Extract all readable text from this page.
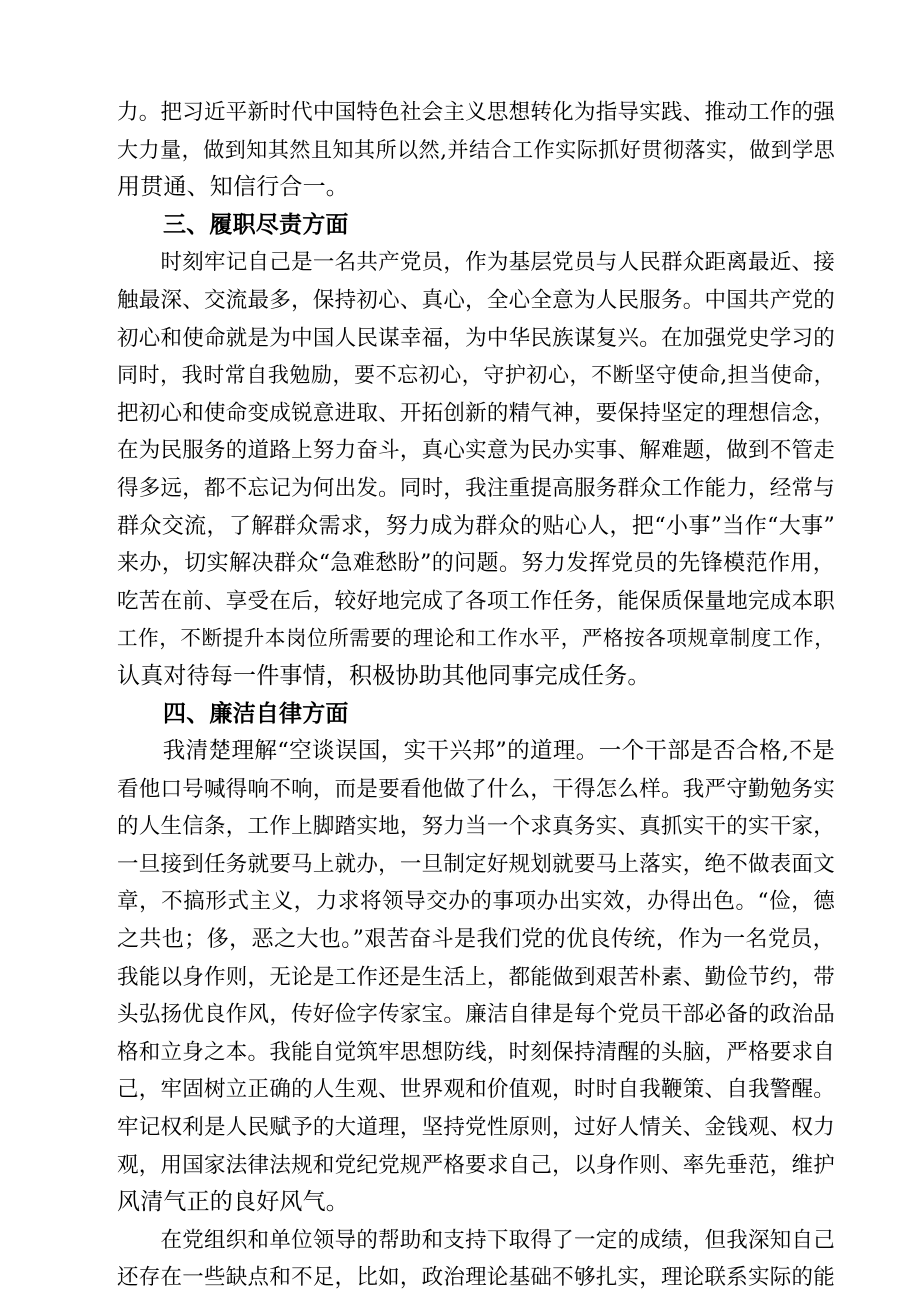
力。把习近平新时代中国特色社会主义思想转化为指导实践、推动工作的强
大力量，做到知其然且知其所以然,并结合工作实际抓好贯彻落实，做到学思
用贯通、知信行合一。
三、履职尽责方面
　　时刻牢记自己是一名共产党员，作为基层党员与人民群众距离最近、接
触最深、交流最多，保持初心、真心，全心全意为人民服务。中国共产党的
初心和使命就是为中国人民谋幸福，为中华民族谋复兴。在加强党史学习的
同时，我时常自我勉励，要不忘初心，守护初心，不断坚守使命,担当使命，
把初心和使命变成锐意进取、开拓创新的精气神，要保持坚定的理想信念，
在为民服务的道路上努力奋斗，真心实意为民办实事、解难题，做到不管走
得多远，都不忘记为何出发。同时，我注重提高服务群众工作能力，经常与
群众交流，了解群众需求，努力成为群众的贴心人，把“小事”当作“大事”
来办，切实解决群众“急难愁盼”的问题。努力发挥党员的先锋模范作用，
吃苦在前、享受在后，较好地完成了各项工作任务，能保质保量地完成本职
工作，不断提升本岗位所需要的理论和工作水平，严格按各项规章制度工作，
认真对待每一件事情，积极协助其他同事完成任务。
四、廉洁自律方面
　　我清楚理解“空谈误国，实干兴邦”的道理。一个干部是否合格,不是
看他口号喊得响不响，而是要看他做了什么，干得怎么样。我严守勤勉务实
的人生信条，工作上脚踏实地，努力当一个求真务实、真抓实干的实干家，
一旦接到任务就要马上就办，一旦制定好规划就要马上落实，绝不做表面文
章，不搞形式主义，力求将领导交办的事项办出实效，办得出色。“俭，德
之共也；侈，恶之大也。”艰苦奋斗是我们党的优良传统，作为一名党员，
我能以身作则，无论是工作还是生活上，都能做到艰苦朴素、勤俭节约，带
头弘扬优良作风，传好俭字传家宝。廉洁自律是每个党员干部必备的政治品
格和立身之本。我能自觉筑牢思想防线，时刻保持清醒的头脑，严格要求自
己，牢固树立正确的人生观、世界观和价值观，时时自我鞭策、自我警醒。
牢记权利是人民赋予的大道理，坚持党性原则，过好人情关、金钱观、权力
观，用国家法律法规和党纪党规严格要求自己，以身作则、率先垂范，维护
风清气正的良好风气。
　　在党组织和单位领导的帮助和支持下取得了一定的成绩，但我深知自己
还存在一些缺点和不足，比如，政治理论基础不够扎实，理论联系实际的能
